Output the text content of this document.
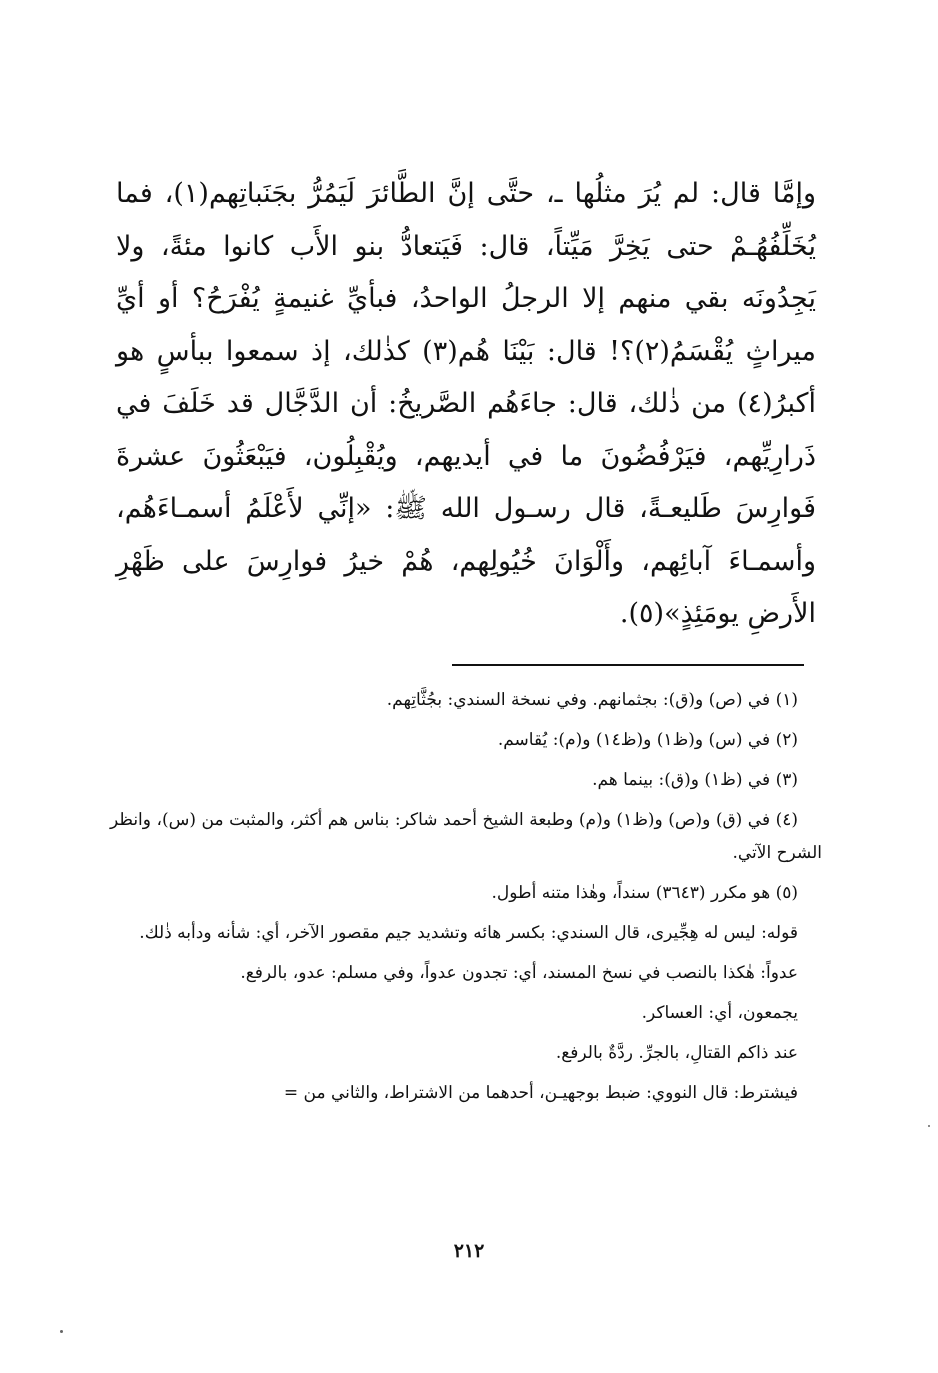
وإمَّا قال: لم يُرَ مثلُها ـ، حتَّى إنَّ الطَّائرَ لَيَمُرُّ بجَنَباتِهم(١)، فما يُخَلِّفُهُـمْ حتى يَخِرَّ مَيِّتاً، قال: فَيَتعادُّ بنو الأَب كانوا مئةً، ولا يَجِدُونَه بقي منهم إلا الرجلُ الواحدُ، فبأيِّ غنيمةٍ يُفْرَحُ؟ أو أيِّ ميراثٍ يُقْسَمُ(٢)؟! قال: بَيْنَا هُم(٣) كذٰلك، إذ سمعوا ببأسٍ هو أكبرُ(٤) من ذٰلك، قال: جاءَهُم الصَّريخُ: أن الدَّجَّال قد خَلَفَ في ذَرارِيِّهم، فيَرْفُضُونَ ما في أيديهم، ويُقْبِلُون، فيَبْعَثُونَ عشرةَ فَوارِسَ طَليعـةً، قال رسـول الله ﷺ: «إنِّي لأَعْلَمُ أسمـاءَهُم، وأسمـاءَ آبائِهم، وأَلْوَانَ خُيُولِهم، هُمْ خيرُ فوارِسَ على ظَهْرِ الأَرضِ يومَئِذٍ»(٥).

(١) في (ص) و(ق): بجثمانهم. وفي نسخة السندي: بجُثَّاتِهم.

(٢) في (س) و(ظ١) و(ظ١٤) و(م): يُقاسم.

(٣) في (ظ١) و(ق): بينما هم.

(٤) في (ق) و(ص) و(ظ١) و(م) وطبعة الشيخ أحمد شاكر: بناس هم أكثر، والمثبت من (س)، وانظر الشرح الآتي.

(٥) هو مكرر (٣٦٤٣) سنداً، وهٰذا متنه أطول.

قوله: ليس له هِجِّيرى، قال السندي: بكسر هائه وتشديد جيم مقصور الآخر، أي: شأنه ودأبه ذٰلك.

عدواً: هٰكذا بالنصب في نسخ المسند، أي: تجدون عدواً، وفي مسلم: عدو، بالرفع.

يجمعون، أي: العساكر.

عند ذاكم القتالِ، بالجرِّ. ردَّةٌ بالرفع.

فيشترط: قال النووي: ضبط بوجهيـن، أحدهما من الاشتراط، والثاني من =

٢١٢
